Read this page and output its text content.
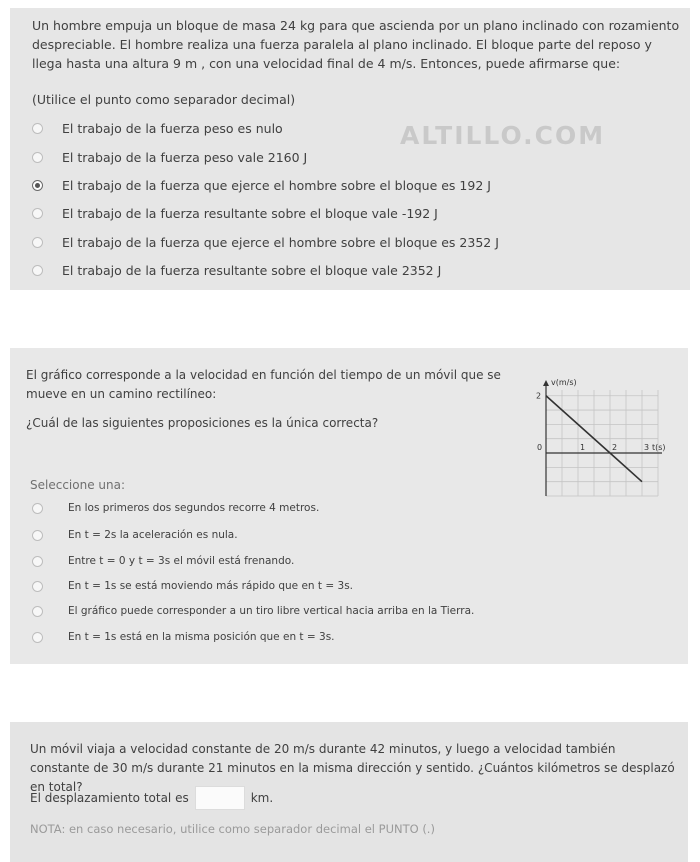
Un hombre empuja un bloque de masa 24 kg para que ascienda por un plano inclinado con rozamiento despreciable. El hombre realiza una fuerza paralela al plano inclinado. El bloque parte del reposo y llega hasta una altura 9 m , con una velocidad final de 4 m/s. Entonces, puede afirmarse que:
(Utilice el punto como separador decimal)
ALTILLO.COM
El trabajo de la fuerza peso es nulo
El trabajo de la fuerza peso vale 2160 J
El trabajo de la fuerza que ejerce el hombre sobre el bloque es 192 J
El trabajo de la fuerza resultante sobre el bloque vale -192 J
El trabajo de la fuerza que ejerce el hombre sobre el bloque es 2352 J
El trabajo de la fuerza resultante sobre el bloque vale 2352 J
El gráfico corresponde a la velocidad en función del tiempo de un móvil que se mueve en un camino rectilíneo:
¿Cuál de las siguientes proposiciones es la única correcta?
Seleccione una:
0	1	2	3
2
v(m/s)
t(s)
En los primeros dos segundos recorre 4 metros.
En t = 2s la aceleración es nula.
Entre t = 0 y t = 3s el móvil está frenando.
En t = 1s se está moviendo más rápido que en t = 3s.
El gráfico puede corresponder a un tiro libre vertical hacia arriba en la Tierra.
En t = 1s está en la misma posición que en t = 3s.
Un móvil viaja a velocidad constante de 20 m/s durante 42 minutos, y luego a velocidad también constante de 30 m/s durante 21 minutos en la misma dirección y sentido. ¿Cuántos kilómetros se desplazó en total?
El desplazamiento total es	km.
NOTA: en caso necesario, utilice como separador decimal el PUNTO (.)
